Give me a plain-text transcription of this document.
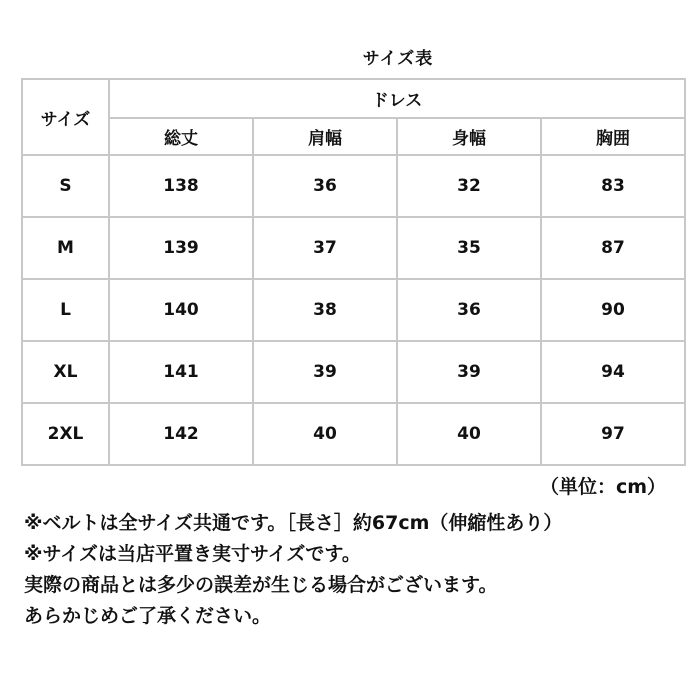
サイズ表
サイズ	ドレス			
	総丈	肩幅	身幅	胸囲
S	138	36	32	83
M	139	37	35	87
L	140	38	36	90
XL	141	39	39	94
2XL	142	40	40	97
（単位：cm）
※ベルトは全サイズ共通です。［長さ］約67cm（伸縮性あり）
※サイズは当店平置き実寸サイズです。
実際の商品とは多少の誤差が生じる場合がございます。
あらかじめご了承ください。
